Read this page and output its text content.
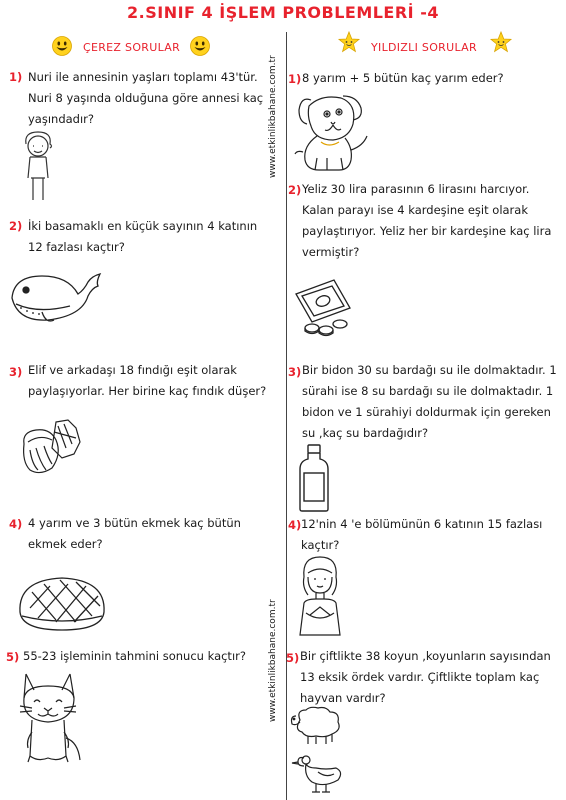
2.SINIF 4 İŞLEM PROBLEMLERİ -4
www.etkinlikbahane.com.tr
www.etkinlikbahane.com.tr
ÇEREZ SORULAR	YILDIZLI SORULAR
1) Nuri ile annesinin yaşları toplamı 43'tür. Nuri 8 yaşında olduğuna göre annesi kaç yaşındadır?
2) İki basamaklı en küçük sayının 4 katının 12 fazlası kaçtır?
3) Elif ve arkadaşı 18 fındığı eşit olarak paylaşıyorlar. Her birine kaç fındık düşer?
4) 4 yarım ve 3 bütün ekmek kaç bütün ekmek eder?
5) 55-23 işleminin tahmini sonucu kaçtır?
1) 8 yarım + 5 bütün kaç yarım eder?
2) Yeliz 30 lira parasının 6 lirasını harcıyor. Kalan parayı ise 4 kardeşine eşit olarak paylaştırıyor. Yeliz her bir kardeşine kaç lira vermiştir?
3) Bir bidon 30 su bardağı su ile dolmaktadır. 1 sürahi ise 8 su bardağı su ile dolmaktadır. 1 bidon ve 1 sürahiyi doldurmak için gereken su ,kaç su bardağıdır?
4) 12'nin 4 'e bölümünün 6 katının 15 fazlası kaçtır?
5) Bir çiftlikte 38 koyun ,koyunların sayısından 13 eksik ördek vardır. Çiftlikte toplam kaç hayvan vardır?
